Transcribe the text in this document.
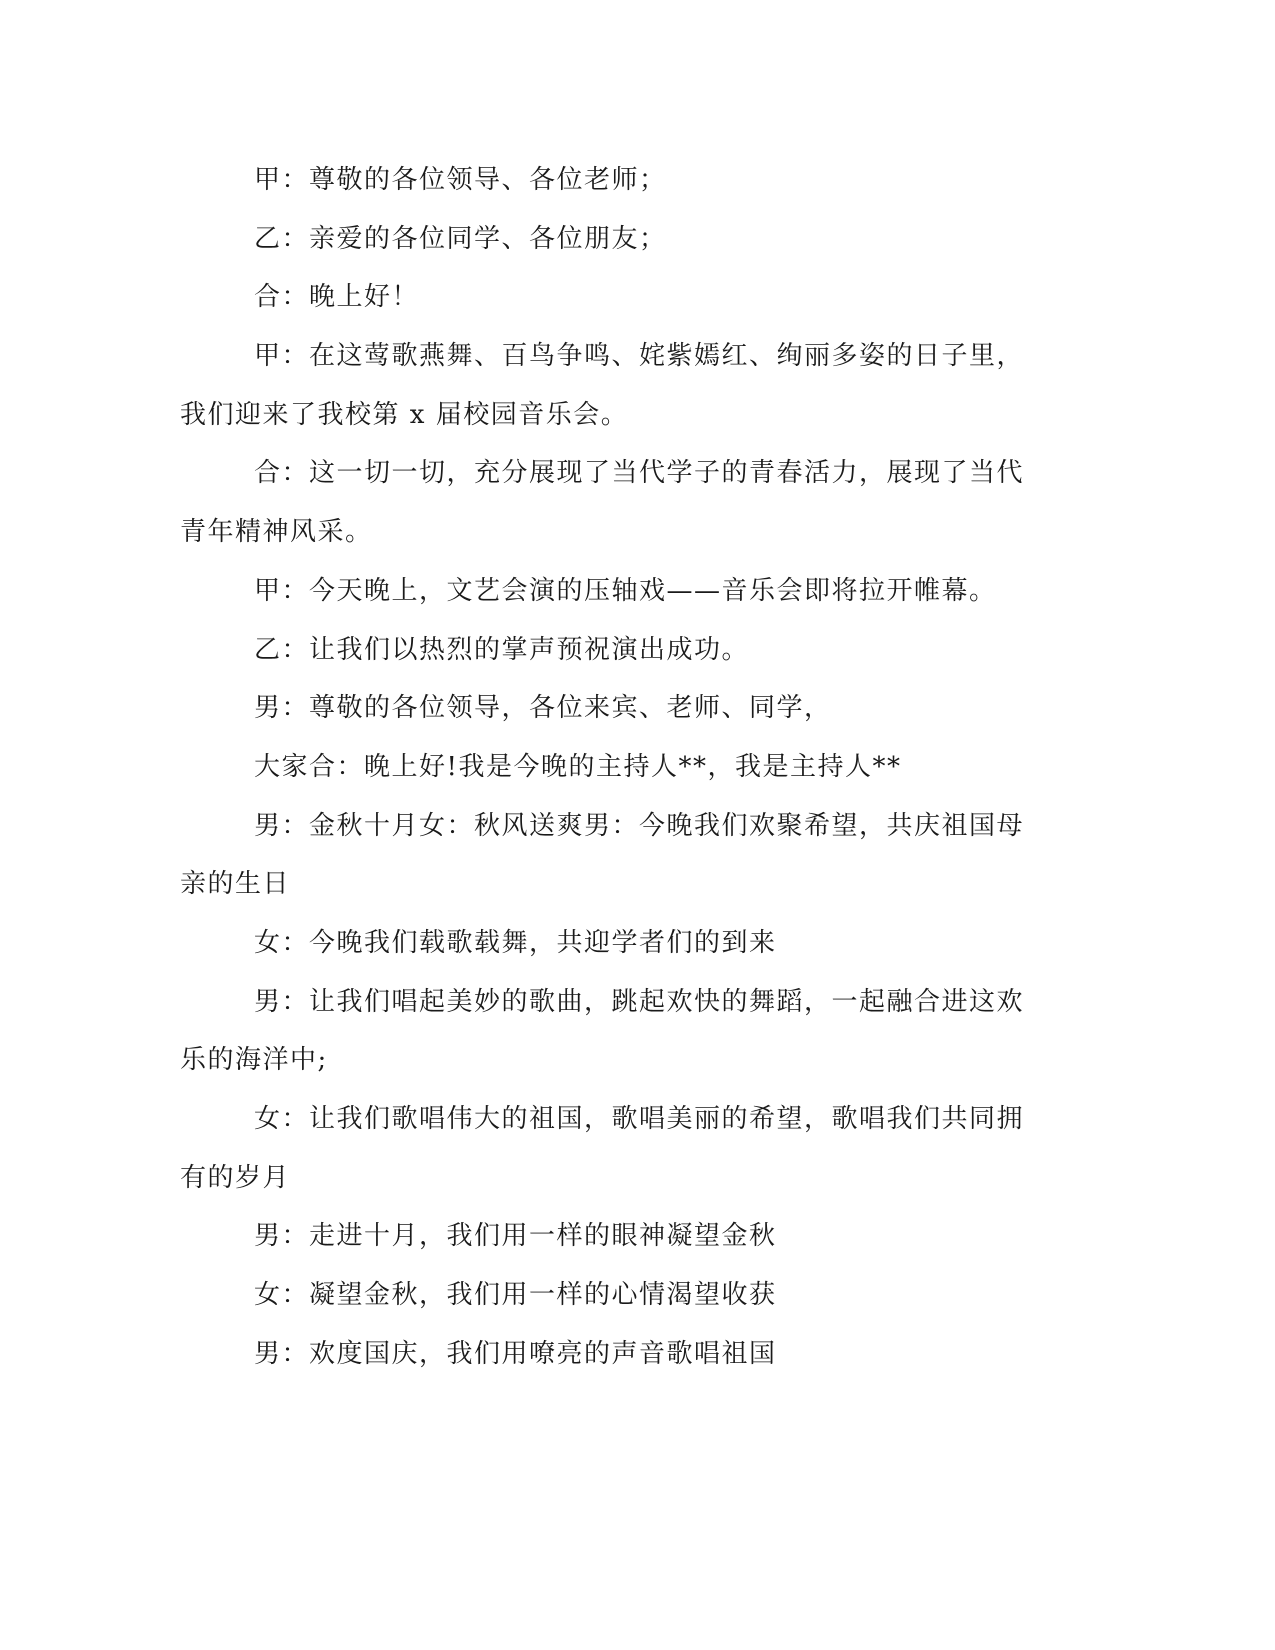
甲：尊敬的各位领导、各位老师；

乙：亲爱的各位同学、各位朋友；

合：晚上好！

甲：在这莺歌燕舞、百鸟争鸣、姹紫嫣红、绚丽多姿的日子里，

我们迎来了我校第 x 届校园音乐会。

合：这一切一切，充分展现了当代学子的青春活力，展现了当代

青年精神风采。

甲：今天晚上，文艺会演的压轴戏——音乐会即将拉开帷幕。

乙：让我们以热烈的掌声预祝演出成功。

男：尊敬的各位领导，各位来宾、老师、同学，

大家合：晚上好!我是今晚的主持人**，我是主持人**

男：金秋十月女：秋风送爽男：今晚我们欢聚希望，共庆祖国母

亲的生日

女：今晚我们载歌载舞，共迎学者们的到来

男：让我们唱起美妙的歌曲，跳起欢快的舞蹈，一起融合进这欢

乐的海洋中;

女：让我们歌唱伟大的祖国，歌唱美丽的希望，歌唱我们共同拥

有的岁月

男：走进十月，我们用一样的眼神凝望金秋

女：凝望金秋，我们用一样的心情渴望收获

男：欢度国庆，我们用嘹亮的声音歌唱祖国
